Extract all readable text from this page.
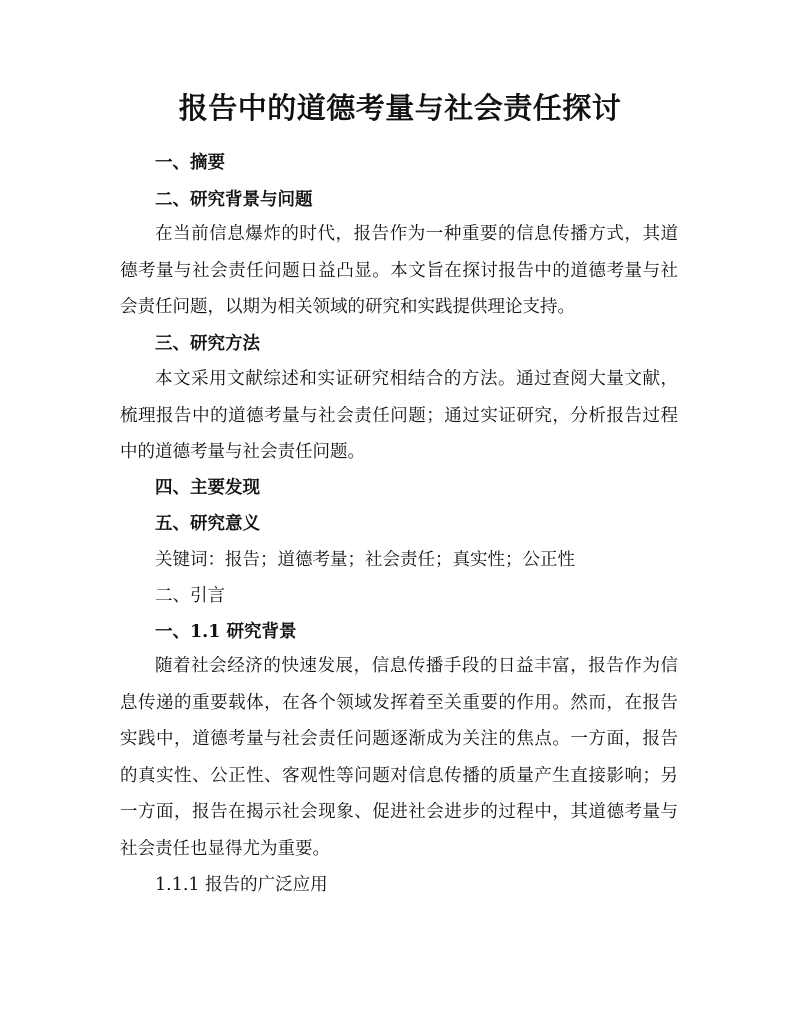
报告中的道德考量与社会责任探讨
一、摘要
二、研究背景与问题
在当前信息爆炸的时代，报告作为一种重要的信息传播方式，其道德考量与社会责任问题日益凸显。本文旨在探讨报告中的道德考量与社会责任问题，以期为相关领域的研究和实践提供理论支持。
三、研究方法
本文采用文献综述和实证研究相结合的方法。通过查阅大量文献，梳理报告中的道德考量与社会责任问题；通过实证研究，分析报告过程中的道德考量与社会责任问题。
四、主要发现
五、研究意义
关键词：报告；道德考量；社会责任；真实性；公正性
二、引言
一、1.1 研究背景
随着社会经济的快速发展，信息传播手段的日益丰富，报告作为信息传递的重要载体，在各个领域发挥着至关重要的作用。然而，在报告实践中，道德考量与社会责任问题逐渐成为关注的焦点。一方面，报告的真实性、公正性、客观性等问题对信息传播的质量产生直接影响；另一方面，报告在揭示社会现象、促进社会进步的过程中，其道德考量与社会责任也显得尤为重要。
1.1.1 报告的广泛应用
